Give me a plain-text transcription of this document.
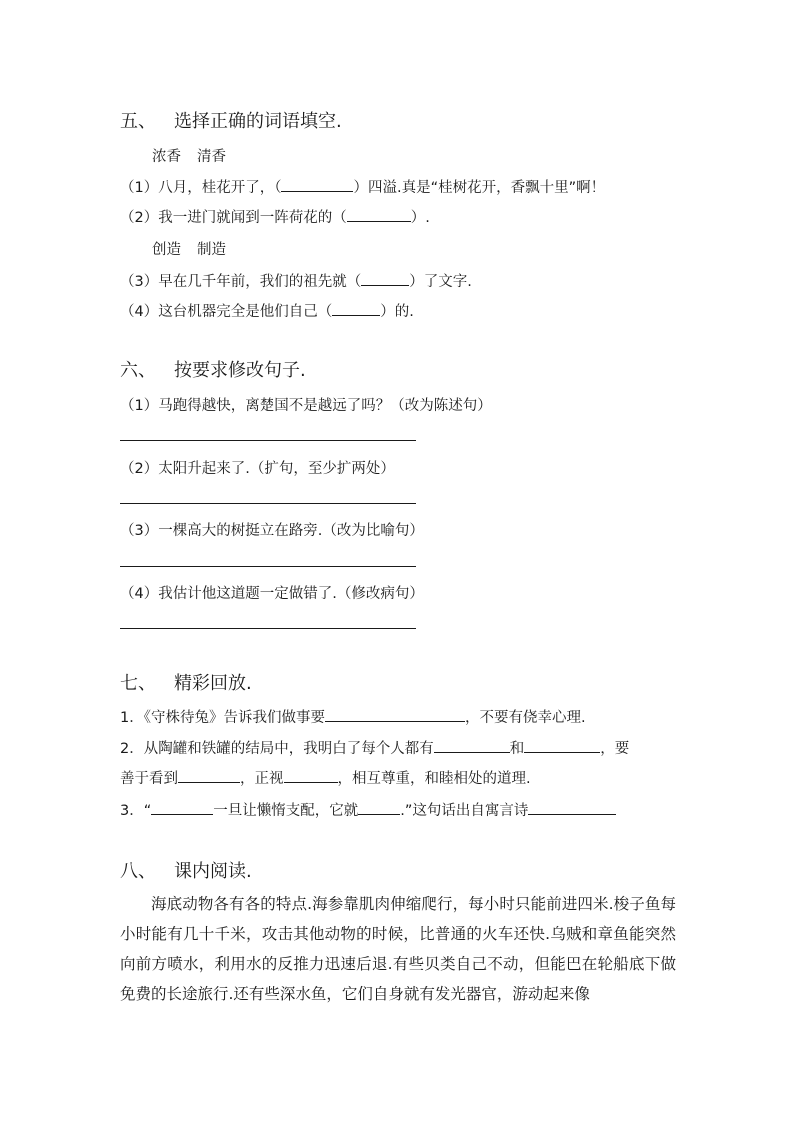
五、 选择正确的词语填空.
浓香 清香
（1）八月，桂花开了，（	）四溢.真是“桂树花开，香飘十里”啊！
（2）我一进门就闻到一阵荷花的（	）.
创造 制造
（3）早在几千年前，我们的祖先就（	）了文字.
（4）这台机器完全是他们自己（	）的.
六、 按要求修改句子.
（1）马跑得越快，离楚国不是越远了吗？（改为陈述句）
（2）太阳升起来了.（扩句，至少扩两处）
（3）一棵高大的树挺立在路旁.（改为比喻句）
（4）我估计他这道题一定做错了.（修改病句）
七、 精彩回放.
1．《守株待兔》告诉我们做事要	，不要有侥幸心理.
2．从陶罐和铁罐的结局中，我明白了每个人都有	和	，要
善于看到	，正视	，相互尊重，和睦相处的道理.
3．“	一旦让懒惰支配，它就	.”这句话出自寓言诗
八、 课内阅读.

海底动物各有各的特点.海参靠肌肉伸缩爬行，每小时只能前进四米.梭子鱼每小时能有几十千米，攻击其他动物的时候，比普通的火车还快.乌贼和章鱼能突然向前方喷水，利用水的反推力迅速后退.有些贝类自己不动，但能巴在轮船底下做免费的长途旅行.还有些深水鱼，它们自身就有发光器官，游动起来像
